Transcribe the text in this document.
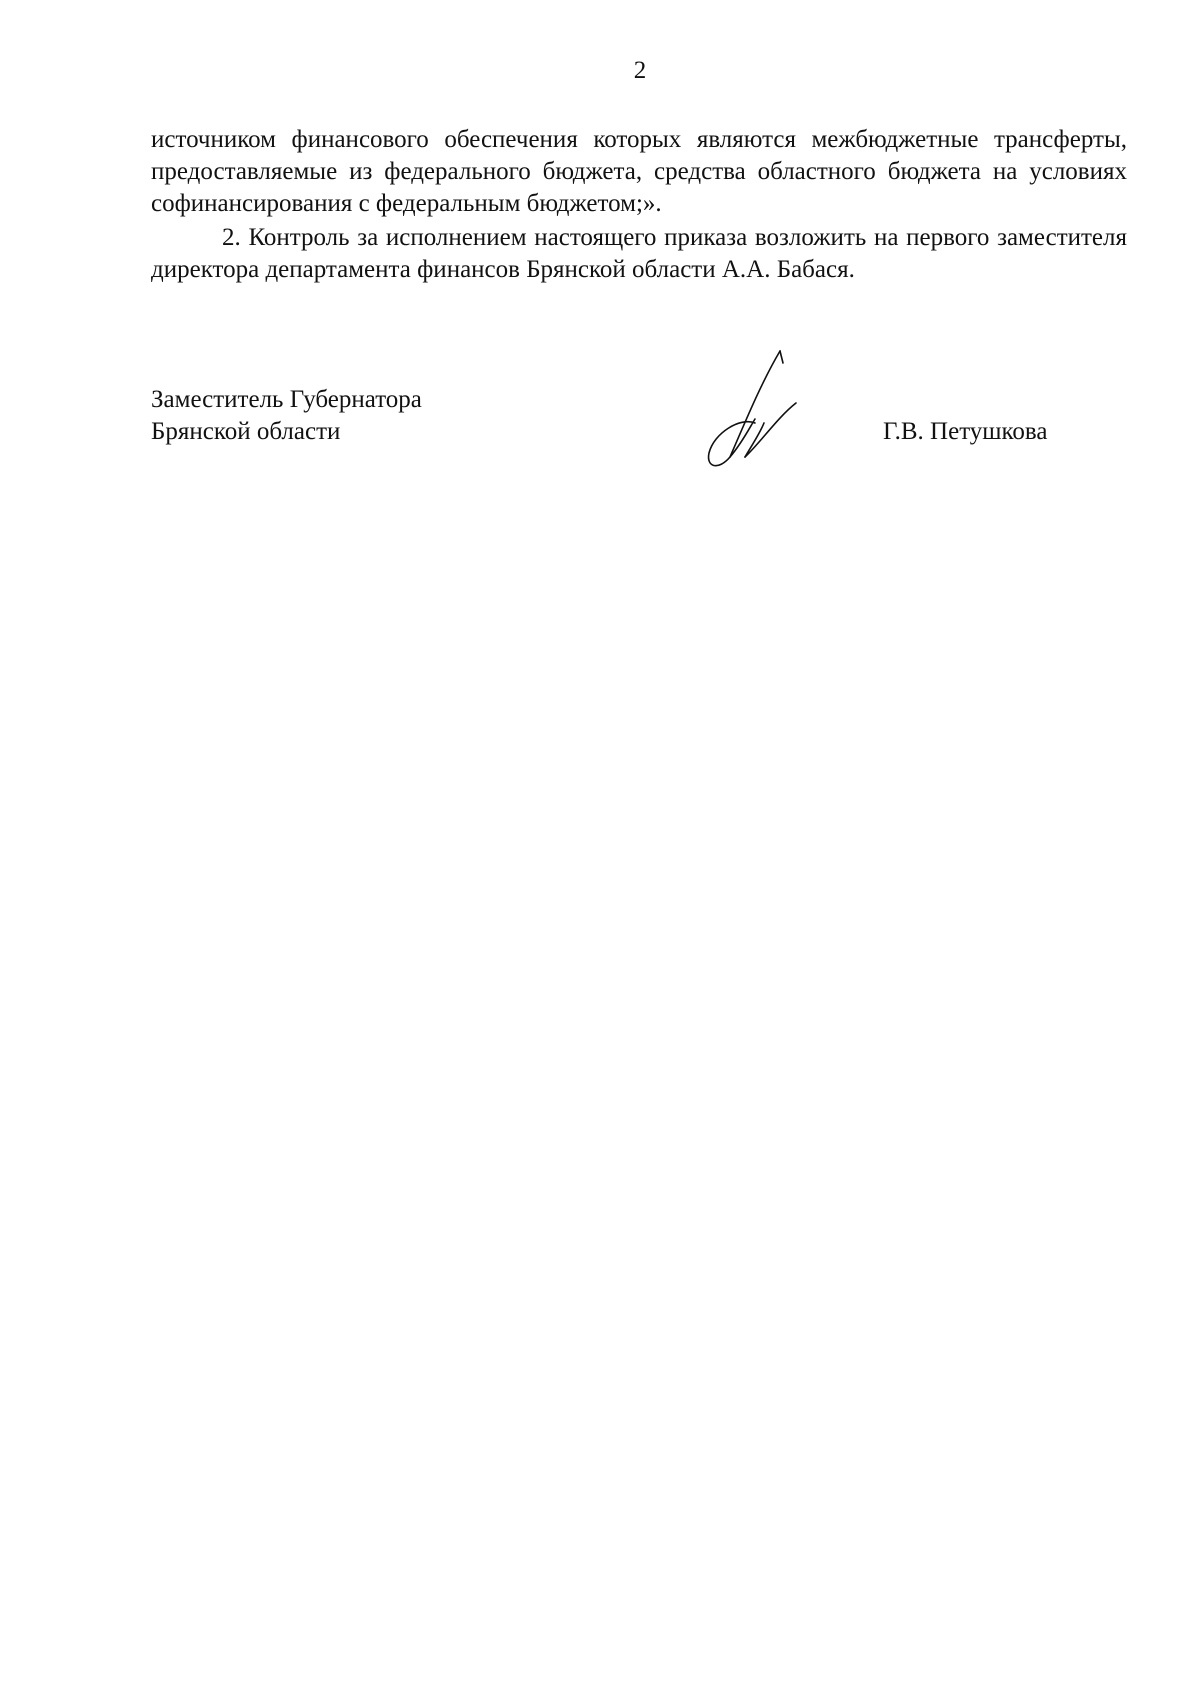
2

источником финансового обеспечения которых являются межбюджетные трансферты, предоставляемые из федерального бюджета, средства областного бюджета на условиях софинансирования с федеральным бюджетом;».

2. Контроль за исполнением настоящего приказа возложить на первого заместителя директора департамента финансов Брянской области А.А. Бабася.

Заместитель Губернатора
Брянской области	Г.В. Петушкова
